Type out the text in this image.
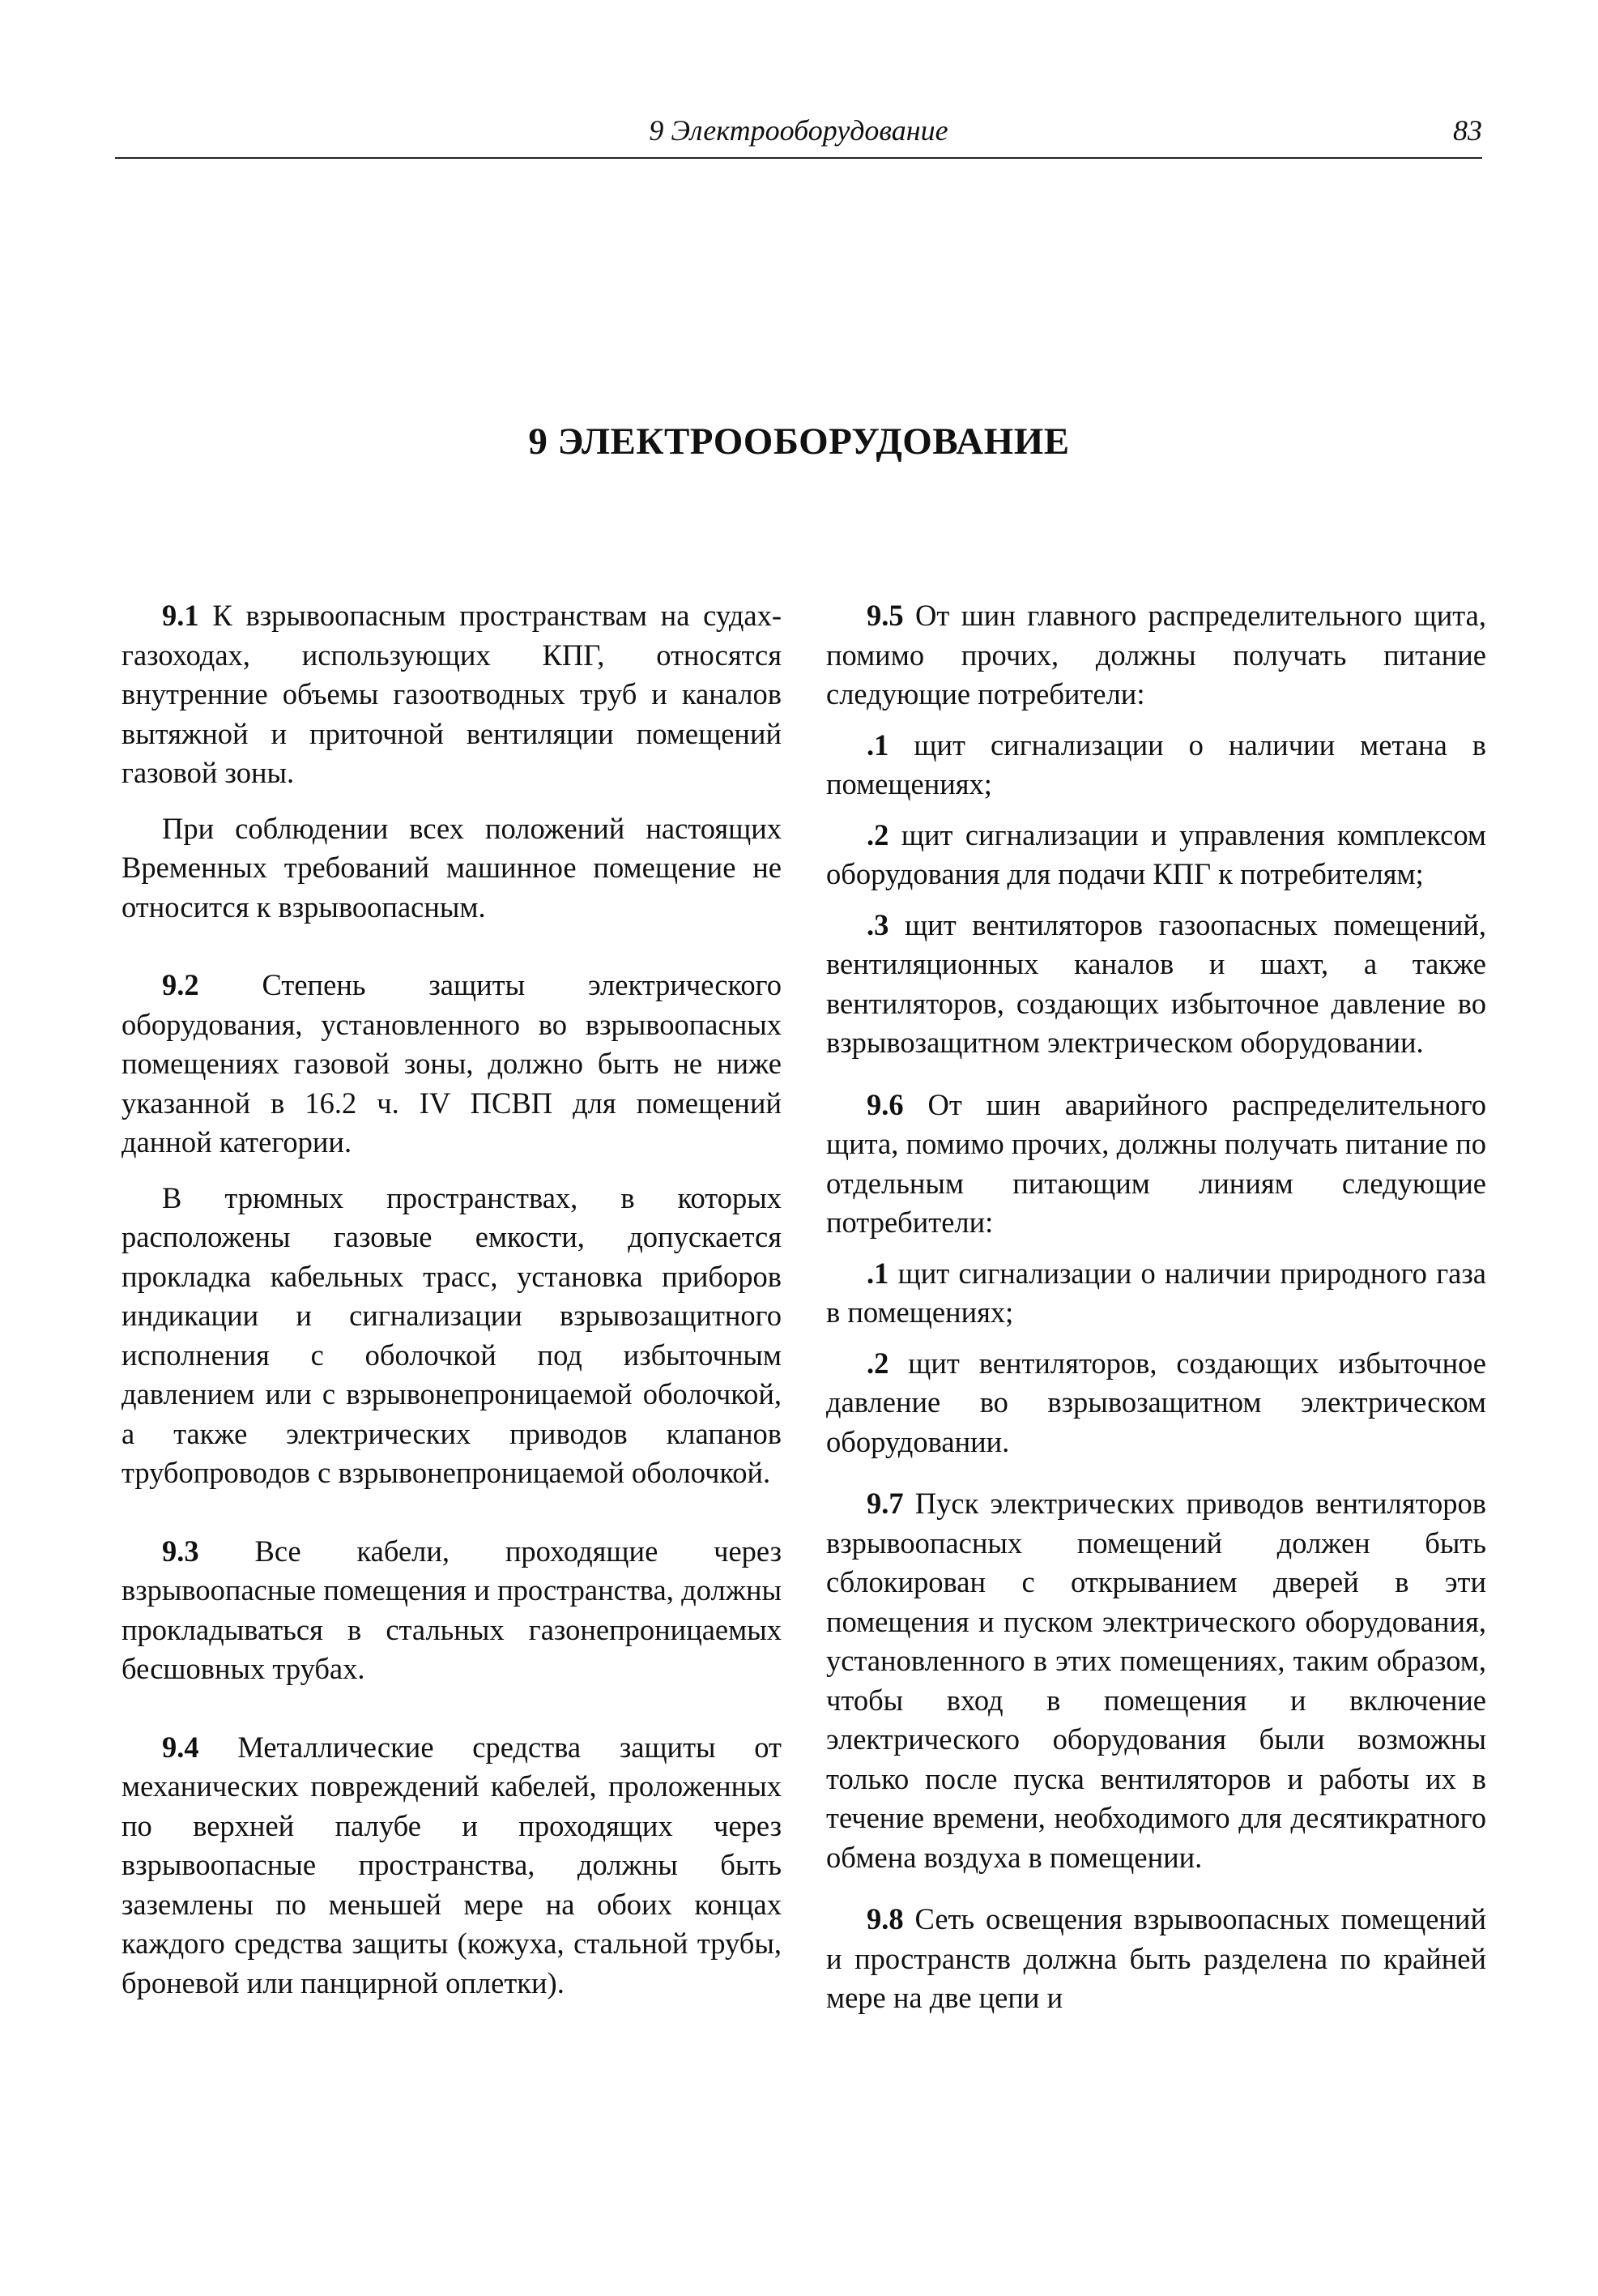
9 Электрооборудование	83
9 ЭЛЕКТРООБОРУДОВАНИЕ

9.1 К взрывоопасным пространствам на судах-газоходах, использующих КПГ, относятся внутренние объемы газоотводных труб и каналов вытяжной и приточной вентиляции помещений газовой зоны.

При соблюдении всех положений настоящих Временных требований машинное помещение не относится к взрывоопасным.

9.2 Степень защиты электрического оборудования, установленного во взрывоопасных помещениях газовой зоны, должно быть не ниже указанной в 16.2 ч. IV ПСВП для помещений данной категории.

В трюмных пространствах, в которых расположены газовые емкости, допускается прокладка кабельных трасс, установка приборов индикации и сигнализации взрывозащитного исполнения с оболочкой под избыточным давлением или с взрывонепроницаемой оболочкой, а также электрических приводов клапанов трубопроводов с взрывонепроницаемой оболочкой.

9.3 Все кабели, проходящие через взрывоопасные помещения и пространства, должны прокладываться в стальных газонепроницаемых бесшовных трубах.

9.4 Металлические средства защиты от механических повреждений кабелей, проложенных по верхней палубе и проходящих через взрывоопасные пространства, должны быть заземлены по меньшей мере на обоих концах каждого средства защиты (кожуха, стальной трубы, броневой или панцирной оплетки).

9.5 От шин главного распределительного щита, помимо прочих, должны получать питание следующие потребители:

.1 щит сигнализации о наличии метана в помещениях;

.2 щит сигнализации и управления комплексом оборудования для подачи КПГ к потребителям;

.3 щит вентиляторов газоопасных помещений, вентиляционных каналов и шахт, а также вентиляторов, создающих избыточное давление во взрывозащитном электрическом оборудовании.

9.6 От шин аварийного распределительного щита, помимо прочих, должны получать питание по отдельным питающим линиям следующие потребители:

.1 щит сигнализации о наличии природного газа в помещениях;

.2 щит вентиляторов, создающих избыточное давление во взрывозащитном электрическом оборудовании.

9.7 Пуск электрических приводов вентиляторов взрывоопасных помещений должен быть сблокирован с открыванием дверей в эти помещения и пуском электрического оборудования, установленного в этих помещениях, таким образом, чтобы вход в помещения и включение электрического оборудования были возможны только после пуска вентиляторов и работы их в течение времени, необходимого для десятикратного обмена воздуха в помещении.

9.8 Сеть освещения взрывоопасных помещений и пространств должна быть разделена по крайней мере на две цепи и
